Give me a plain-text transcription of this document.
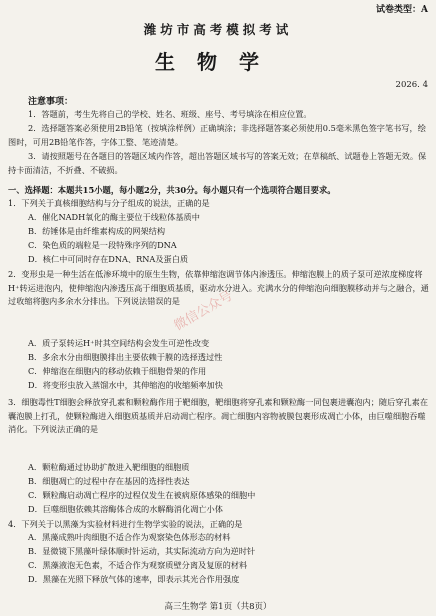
试卷类型：A
潍坊市高考模拟考试
生物学
2026. 4
注意事项：

1．答题前，考生先将自己的学校、姓名、班级、座号、考号填涂在相应位置。

2．选择题答案必须使用2B铅笔（按填涂样例）正确填涂；非选择题答案必须使用0.5毫米黑色签字笔书写，绘图时，可用2B铅笔作答，字体工整、笔迹清楚。

3．请按照题号在各题目的答题区域内作答，超出答题区域书写的答案无效；在草稿纸、试题卷上答题无效。保持卡面清洁，不折叠、不破损。

一、选择题：本题共15小题，每小题2分，共30分。每小题只有一个选项符合题目要求。

1．下列关于真核细胞结构与分子组成的说法，正确的是

A．催化NADH氧化的酶主要位于线粒体基质中
B．纺锤体是由纤维素构成的网架结构
C．染色质的端粒是一段特殊序列的DNA
D．核仁中可同时存在DNA、RNA及蛋白质

2．变形虫是一种生活在低渗环境中的原生生物，依靠伸缩泡调节体内渗透压。伸缩泡膜上的质子泵可逆浓度梯度将H⁺转运进泡内，使伸缩泡内渗透压高于细胞质基质，驱动水分进入。充满水分的伸缩泡向细胞膜移动并与之融合，通过收缩将胞内多余水分排出。下列说法错误的是

A．质子泵转运H⁺时其空间结构会发生可逆性改变
B．多余水分由细胞膜排出主要依赖于膜的选择透过性
C．伸缩泡在细胞内的移动依赖于细胞骨架的作用
D．将变形虫放入蒸馏水中，其伸缩泡的收缩频率加快

3．细胞毒性T细胞会释放穿孔素和颗粒酶作用于靶细胞，靶细胞将穿孔素和颗粒酶一同包裹进囊泡内；随后穿孔素在囊泡膜上打孔，使颗粒酶进入细胞质基质并启动凋亡程序。凋亡细胞内容物被膜包裹形成凋亡小体，由巨噬细胞吞噬消化。下列说法正确的是

A．颗粒酶通过协助扩散进入靶细胞的细胞质
B．细胞凋亡的过程中存在基因的选择性表达
C．颗粒酶启动凋亡程序的过程仅发生在被病原体感染的细胞中
D．巨噬细胞依赖其溶酶体合成的水解酶消化凋亡小体

4．下列关于以黑藻为实验材料进行生物学实验的说法，正确的是

A．黑藻成熟叶肉细胞不适合作为观察染色体形态的材料
B．显微镜下黑藻叶绿体顺时针运动，其实际流动方向为逆时针
C．黑藻液泡无色素，不适合作为观察质壁分离及复原的材料
D．黑藻在光照下释放气体的速率，即表示其光合作用强度
微信公众号
高三生物学 第1页（共8页）
